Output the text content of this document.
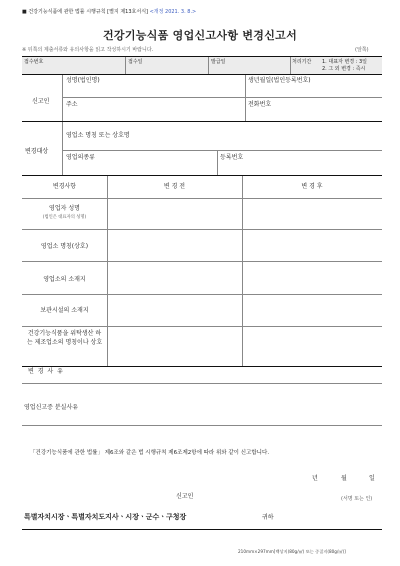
■ 건강기능식품에 관한 법률 시행규칙 [별지 제13호서식] <개정 2021. 3. 8.>
건강기능식품 영업신고사항 변경신고서
※ 뒤쪽의 제출서류와 유의사항을 읽고 작성하시기 바랍니다.	(앞쪽)
접수번호	접수일	발급일	처리기간 1. 대표자 변경 : 3일
2. 그 외 변경 : 즉시
신고인
성명(법인명)	생년월일(법인등록번호)
주소	전화번호
변경대상
영업소 명칭 또는 상호명
영업의종류	등록번호
변경사항	변 경 전	변 경 후
영업자 성명
(법인은 대표자의 성명)
영업소 명칭(상호)
영업소의 소재지
보관시설의 소재지
건강기능식품을 위탁생산 하는 제조업소의 명칭이나 상호
변 경 사 유
영업신고증 분실사유
「건강기능식품에 관한 법률」 제6조와 같은 법 시행규칙 제6조제2항에 따라 위와 같이 신고합니다.
년	월	일
신고인	(서명 또는 인)
특별자치시장ㆍ특별자치도지사ㆍ시장ㆍ군수ㆍ구청장	귀하
210mm×297mm[백상지(80g/㎡) 또는 중질지(80g/㎡)]
